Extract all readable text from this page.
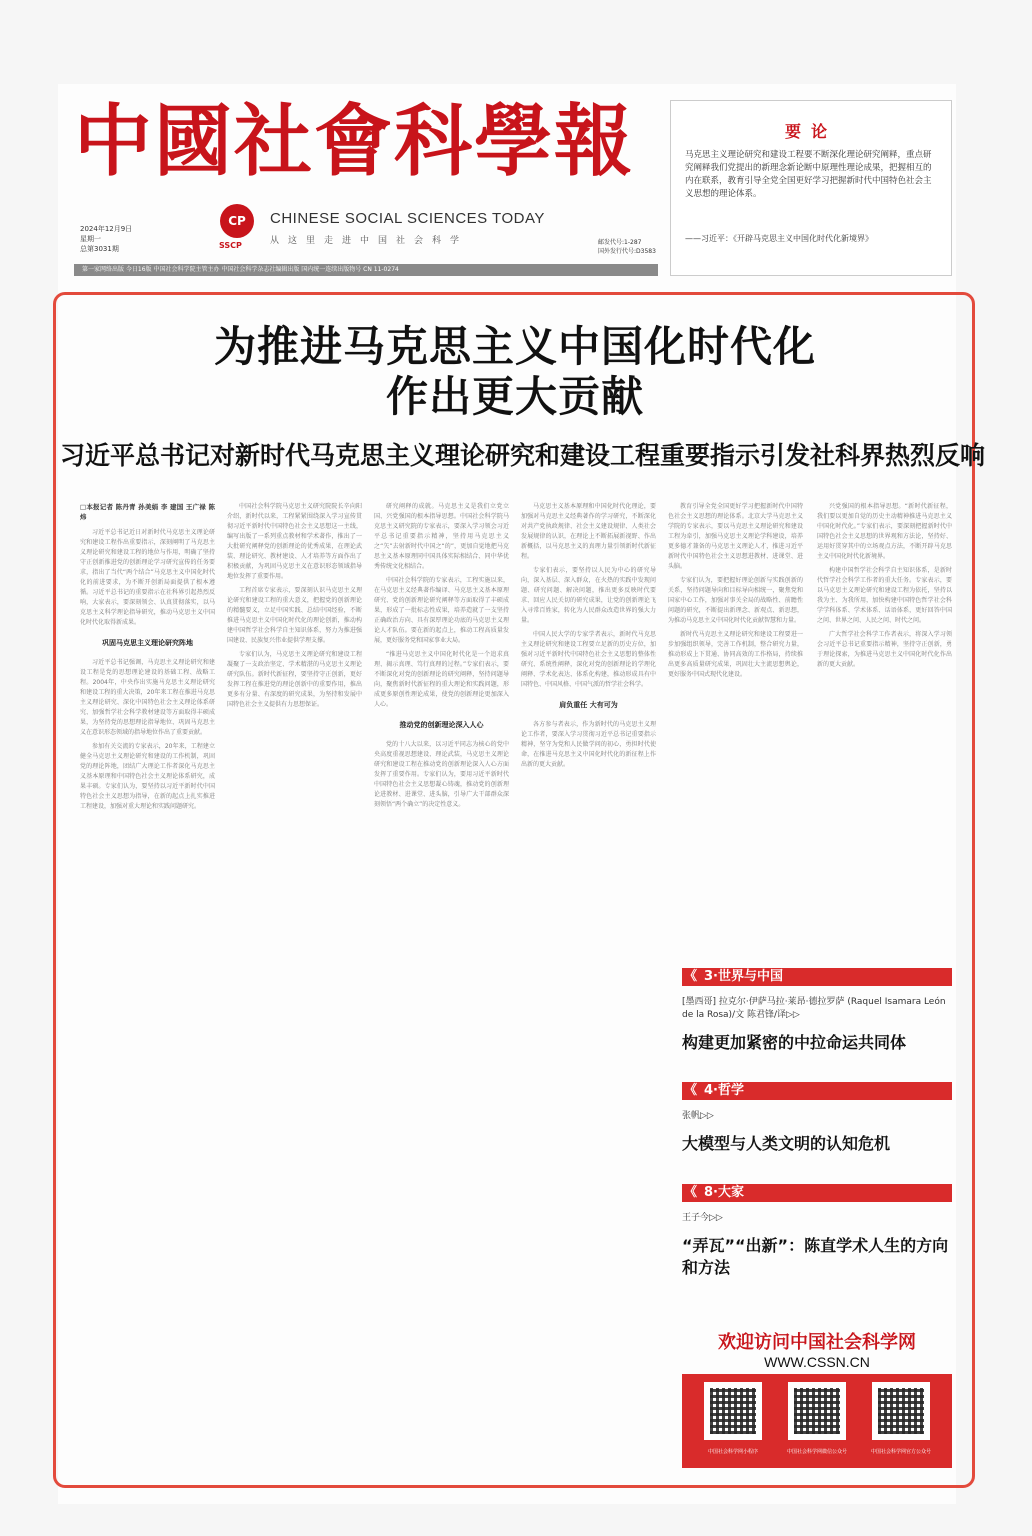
中國社會科學報
2024年12月9日
星期一
总第3031期
CP
SSCP
CHINESE SOCIAL SCIENCES TODAY
从这里走进中国社会科学	邮发代号:1-287
国外发行代号:D3583
第一家网络出版 今日16版 中国社会科学院主管主办 中国社会科学杂志社编辑出版 国内统一连续出版物号 CN 11-0274
要论
马克思主义理论研究和建设工程要不断深化理论研究阐释，重点研究阐释我们党提出的新理念新论断中原理性理论成果，把握相互的内在联系，教育引导全党全国更好学习把握新时代中国特色社会主义思想的理论体系。
——习近平：《开辟马克思主义中国化时代化新境界》
为推进马克思主义中国化时代化
作出更大贡献
习近平总书记对新时代马克思主义理论研究和建设工程重要指示引发社科界热烈反响
□本报记者 陈丹青 孙美娟 李 建国 王广禄 陈炜

习近平总书记近日对新时代马克思主义理论研究和建设工程作出重要指示，深刻阐明了马克思主义理论研究和建设工程的地位与作用，明确了坚持守正创新推进党的创新理论学习研究宣传的任务要求，指出了当代“两个结合”马克思主义中国化时代化的前进要求，为不断开创新局面提供了根本遵循。习近平总书记的重要指示在社科界引起热烈反响，大家表示，要深刻领会、认真贯彻落实，以马克思主义科学理论指导研究，推动马克思主义中国化时代化取得新成果。

巩固马克思主义理论研究阵地

习近平总书记强调，马克思主义理论研究和建设工程是党的思想理论建设的基础工程、战略工程。2004年，中央作出实施马克思主义理论研究和建设工程的重大决策，20年来工程在推进马克思主义理论研究、深化中国特色社会主义理论体系研究、加强哲学社会科学教材建设等方面取得丰硕成果，为坚持党的思想理论指导地位、巩固马克思主义在意识形态领域的指导地位作出了重要贡献。

参加有关交流的专家表示，20年来，工程建立健全马克思主义理论研究和建设的工作机制，巩固党的理论阵地，团结广大理论工作者深化马克思主义基本原理和中国特色社会主义理论体系研究，成果丰硕。专家们认为，要坚持以习近平新时代中国特色社会主义思想为指导，在新的起点上扎实推进工程建设，加强对重大理论和实践问题研究。

中国社会科学院马克思主义研究院院长辛向阳介绍，新时代以来，工程紧紧围绕深入学习宣传贯彻习近平新时代中国特色社会主义思想这一主线，编写出版了一系列重点教材和学术著作，推出了一大批研究阐释党的创新理论的优秀成果，在理论武装、理论研究、教材建设、人才培养等方面作出了积极贡献，为巩固马克思主义在意识形态领域指导地位发挥了重要作用。

工程首席专家表示，要深刻认识马克思主义理论研究和建设工程的重大意义，把握党的创新理论的精髓要义，立足中国实践、总结中国经验，不断推进马克思主义中国化时代化的理论创新，推动构建中国哲学社会科学自主知识体系，努力为推进强国建设、民族复兴伟业提供学理支撑。

专家们认为，马克思主义理论研究和建设工程凝聚了一支政治坚定、学术精湛的马克思主义理论研究队伍。新时代新征程，要坚持守正创新，更好发挥工程在推进党的理论创新中的重要作用，推出更多有分量、有深度的研究成果，为坚持和发展中国特色社会主义提供有力思想保证。

研究阐释的成就。马克思主义是我们立党立国、兴党强国的根本指导思想。中国社会科学院马克思主义研究院的专家表示，要深入学习领会习近平总书记重要指示精神，坚持用马克思主义之“矢”去射新时代中国之“的”，更加自觉地把马克思主义基本原理同中国具体实际相结合、同中华优秀传统文化相结合。

中国社会科学院的专家表示，工程实施以来，在马克思主义经典著作编译、马克思主义基本原理研究、党的创新理论研究阐释等方面取得了丰硕成果，形成了一批标志性成果，培养造就了一支坚持正确政治方向、具有深厚理论功底的马克思主义理论人才队伍。要在新的起点上，推动工程高质量发展，更好服务党和国家事业大局。

“推进马克思主义中国化时代化是一个追求真理、揭示真理、笃行真理的过程。”专家们表示，要不断深化对党的创新理论的研究阐释，坚持问题导向，聚焦新时代新征程的重大理论和实践问题，形成更多原创性理论成果，使党的创新理论更加深入人心。

推动党的创新理论深入人心

党的十八大以来，以习近平同志为核心的党中央高度重视思想建设、理论武装，马克思主义理论研究和建设工程在推动党的创新理论深入人心方面发挥了重要作用。专家们认为，要用习近平新时代中国特色社会主义思想凝心铸魂，推动党的创新理论进教材、进课堂、进头脑，引导广大干部群众深刻领悟“两个确立”的决定性意义。

马克思主义基本原理和中国化时代化理论，要加强对马克思主义经典著作的学习研究，不断深化对共产党执政规律、社会主义建设规律、人类社会发展规律的认识，在理论上不断拓展新视野、作出新概括，以马克思主义的真理力量引领新时代新征程。

专家们表示，要坚持以人民为中心的研究导向，深入基层、深入群众，在火热的实践中发现问题、研究问题、解决问题，推出更多反映时代要求、回应人民关切的研究成果，让党的创新理论飞入寻常百姓家，转化为人民群众改造世界的强大力量。

中国人民大学的专家学者表示，新时代马克思主义理论研究和建设工程要立足新的历史方位，加强对习近平新时代中国特色社会主义思想的整体性研究、系统性阐释，深化对党的创新理论的学理化阐释、学术化表达、体系化构建，推动形成具有中国特色、中国风格、中国气派的哲学社会科学。

肩负重任 大有可为

各方参与者表示，作为新时代的马克思主义理论工作者，要深入学习贯彻习近平总书记重要指示精神，坚守为党和人民做学问的初心，勇担时代使命，在推进马克思主义中国化时代化的新征程上作出新的更大贡献。

教育引导全党全国更好学习把握新时代中国特色社会主义思想的理论体系。北京大学马克思主义学院的专家表示，要以马克思主义理论研究和建设工程为牵引，加强马克思主义理论学科建设，培养更多德才兼备的马克思主义理论人才，推进习近平新时代中国特色社会主义思想进教材、进课堂、进头脑。

专家们认为，要把握好理论创新与实践创新的关系，坚持问题导向和目标导向相统一，聚焦党和国家中心工作，加强对事关全局的战略性、前瞻性问题的研究，不断提出新理念、新观点、新思想，为推动马克思主义中国化时代化贡献智慧和力量。

新时代马克思主义理论研究和建设工程要进一步加强组织领导，完善工作机制，整合研究力量，推动形成上下贯通、协同高效的工作格局，持续推出更多高质量研究成果，巩固壮大主流思想舆论，更好服务中国式现代化建设。

兴党强国的根本指导思想。“新时代新征程，我们要以更加自觉的历史主动精神推进马克思主义中国化时代化。”专家们表示，要深刻把握新时代中国特色社会主义思想的世界观和方法论，坚持好、运用好贯穿其中的立场观点方法，不断开辟马克思主义中国化时代化新境界。

构建中国哲学社会科学自主知识体系，是新时代哲学社会科学工作者的重大任务。专家表示，要以马克思主义理论研究和建设工程为依托，坚持以我为主、为我所用，加快构建中国特色哲学社会科学学科体系、学术体系、话语体系，更好回答中国之问、世界之问、人民之问、时代之问。

广大哲学社会科学工作者表示，将深入学习领会习近平总书记重要指示精神，坚持守正创新，勇于理论探索，为推进马克思主义中国化时代化作出新的更大贡献。

《 3·世界与中国
[墨西哥] 拉克尔·伊萨马拉·莱昂·德拉罗萨 (Raquel Isamara León de la Rosa)/文 陈君锋/译▷▷
构建更加紧密的中拉命运共同体
《 4·哲学
张帆▷▷
大模型与人类文明的认知危机
《 8·大家
王子今▷▷
“弄瓦”“出新”：陈直学术人生的方向和方法
欢迎访问中国社会科学网
WWW.CSSN.CN
中国社会科学网小程序	中国社会科学网微信公众号	中国社会科学网官方公众号
